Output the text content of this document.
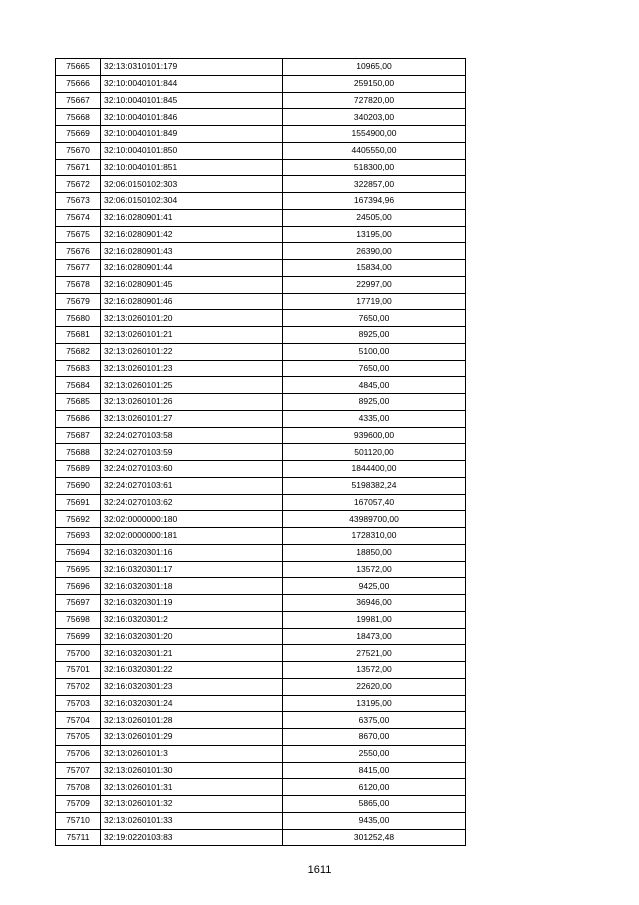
75665	32:13:0310101:179	10965,00
75666	32:10:0040101:844	259150,00
75667	32:10:0040101:845	727820,00
75668	32:10:0040101:846	340203,00
75669	32:10:0040101:849	1554900,00
75670	32:10:0040101:850	4405550,00
75671	32:10:0040101:851	518300,00
75672	32:06:0150102:303	322857,00
75673	32:06:0150102:304	167394,96
75674	32:16:0280901:41	24505,00
75675	32:16:0280901:42	13195,00
75676	32:16:0280901:43	26390,00
75677	32:16:0280901:44	15834,00
75678	32:16:0280901:45	22997,00
75679	32:16:0280901:46	17719,00
75680	32:13:0260101:20	7650,00
75681	32:13:0260101:21	8925,00
75682	32:13:0260101:22	5100,00
75683	32:13:0260101:23	7650,00
75684	32:13:0260101:25	4845,00
75685	32:13:0260101:26	8925,00
75686	32:13:0260101:27	4335,00
75687	32:24:0270103:58	939600,00
75688	32:24:0270103:59	501120,00
75689	32:24:0270103:60	1844400,00
75690	32:24:0270103:61	5198382,24
75691	32:24:0270103:62	167057,40
75692	32:02:0000000:180	43989700,00
75693	32:02:0000000:181	1728310,00
75694	32:16:0320301:16	18850,00
75695	32:16:0320301:17	13572,00
75696	32:16:0320301:18	9425,00
75697	32:16:0320301:19	36946,00
75698	32:16:0320301:2	19981,00
75699	32:16:0320301:20	18473,00
75700	32:16:0320301:21	27521,00
75701	32:16:0320301:22	13572,00
75702	32:16:0320301:23	22620,00
75703	32:16:0320301:24	13195,00
75704	32:13:0260101:28	6375,00
75705	32:13:0260101:29	8670,00
75706	32:13:0260101:3	2550,00
75707	32:13:0260101:30	8415,00
75708	32:13:0260101:31	6120,00
75709	32:13:0260101:32	5865,00
75710	32:13:0260101:33	9435,00
75711	32:19:0220103:83	301252,48
1611
